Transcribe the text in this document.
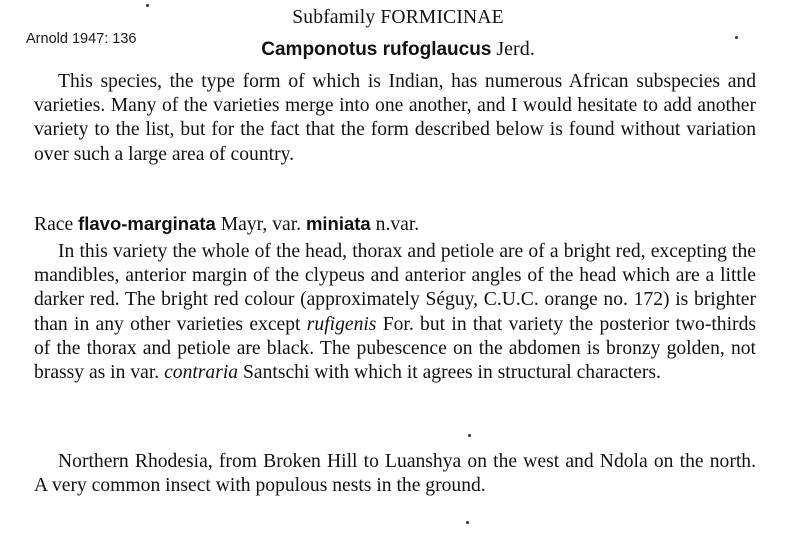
Arnold 1947: 136
Subfamily FORMICINAE
Camponotus rufoglaucus Jerd.
This species, the type form of which is Indian, has numerous African subspecies and varieties. Many of the varieties merge into one another, and I would hesitate to add another variety to the list, but for the fact that the form described below is found without variation over such a large area of country.
Race flavo-marginata Mayr, var. miniata n.var.
In this variety the whole of the head, thorax and petiole are of a bright red, excepting the mandibles, anterior margin of the clypeus and anterior angles of the head which are a little darker red. The bright red colour (approximately Séguy, C.U.C. orange no. 172) is brighter than in any other varieties except rufigenis For. but in that variety the posterior two-thirds of the thorax and petiole are black. The pubescence on the abdomen is bronzy golden, not brassy as in var. contraria Santschi with which it agrees in structural characters.
Northern Rhodesia, from Broken Hill to Luanshya on the west and Ndola on the north. A very common insect with populous nests in the ground.
